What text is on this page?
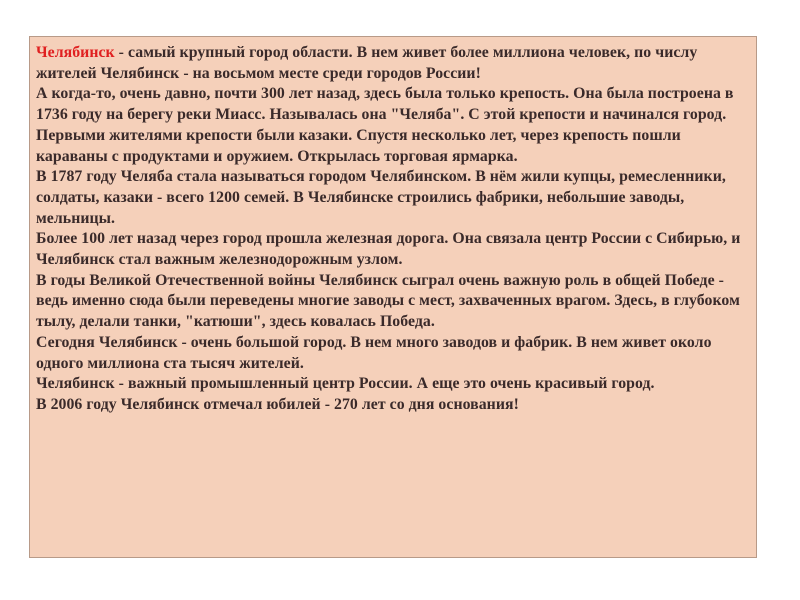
Челябинск - самый крупный город области. В нем живет более миллиона человек, по числу жителей Челябинск - на восьмом месте среди городов России!

А когда-то, очень давно, почти 300 лет назад, здесь была только крепость. Она была построена в 1736 году на берегу реки Миасс. Называлась она "Челяба". С этой крепости и начинался город.

Первыми жителями крепости были казаки. Спустя несколько лет, через крепость пошли караваны с продуктами и оружием. Открылась торговая ярмарка.

В 1787 году Челяба стала называться городом Челябинском. В нём жили купцы, ремесленники, солдаты, казаки - всего 1200 семей. В Челябинске строились фабрики, небольшие заводы, мельницы.

Более 100 лет назад через город прошла железная дорога. Она связала центр России с Сибирью, и Челябинск стал важным железнодорожным узлом.

В годы Великой Отечественной войны Челябинск сыграл очень важную роль в общей Победе - ведь именно сюда были переведены многие заводы с мест, захваченных врагом. Здесь, в глубоком тылу, делали танки, "катюши", здесь ковалась Победа.

Сегодня Челябинск - очень большой город. В нем много заводов и фабрик. В нем живет около одного миллиона ста тысяч жителей.

Челябинск - важный промышленный центр России. А еще это очень красивый город.

В 2006 году Челябинск отмечал юбилей - 270 лет со дня основания!
